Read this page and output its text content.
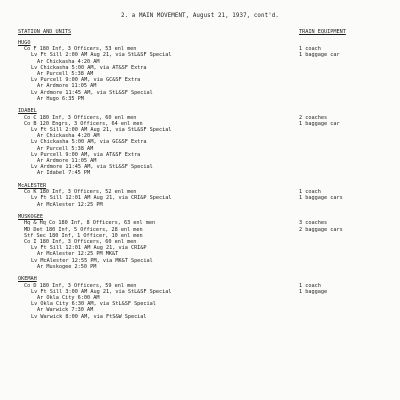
2. a MAIN MOVEMENT, August 21, 1937, cont'd.
STATION AND UNITS	TRAIN EQUIPMENT
HUGO
Co F 180 Inf, 3 Officers, 53 enl men	1 coach
Lv Ft Sill 2:00 AM Aug 21, via StL&SF Special	1 baggage car
Ar Chickasha 4:20 AM
Lv Chickasha 5:00 AM, via AT&SF Extra
Ar Purcell 5:38 AM
Lv Purcell 9:00 AM, via GC&SF Extra
Ar Ardmore 11:05 AM
Lv Ardmore 11:45 AM, via StL&SF Special
Ar Hugo 6:35 PM
IDABEL
Co C 180 Inf, 3 Officers, 60 enl men	2 coaches
Co B 120 Engrs, 3 Officers, 64 enl men	1 baggage car
Lv Ft Sill 2:00 AM Aug 21, via StL&SF Special
Ar Chickasha 4:20 AM
Lv Chickasha 5:00 AM, via GC&SF Extra
Ar Purcell 5:38 AM
Lv Purcell 9:00 AM, via AT&SF Extra
Ar Ardmore 11:05 AM
Lv Ardmore 11:45 AM, via StL&SF Special
Ar Idabel 7:45 PM
McALESTER
Co K 180 Inf, 3 Officers, 52 enl men	1 coach
Lv Ft Sill 12:01 AM Aug 21, via CRI&P Special	1 baggage cars
Ar McAlester 12:25 PM
MUSKOGEE
Hq & Hq Co 180 Inf, 8 Officers, 63 enl men	3 coaches
MD Det 180 Inf, 5 Officers, 28 enl men	2 baggage cars
Stf Sec 180 Inf, 1 Officer, 10 enl men
Co I 180 Inf, 3 Officers, 60 enl men
Lv Ft Sill 12:01 AM Aug 21, via CRI&P
Ar McAlester 12:25 PM MK&T
Lv McAlester 12:55 PM, via MK&T Special
Ar Muskogee 2:50 PM
OKEMAH
Co D 180 Inf, 3 Officers, 59 enl men	1 coach
Lv Ft Sill 3:00 AM Aug 21, via StL&SF Special	1 baggage
Ar Okla City 6:00 AM
Lv Okla City 6:30 AM, via StL&SF Special
Ar Warwick 7:30 AM
Lv Warwick 8:00 AM, via FtS&W Special
